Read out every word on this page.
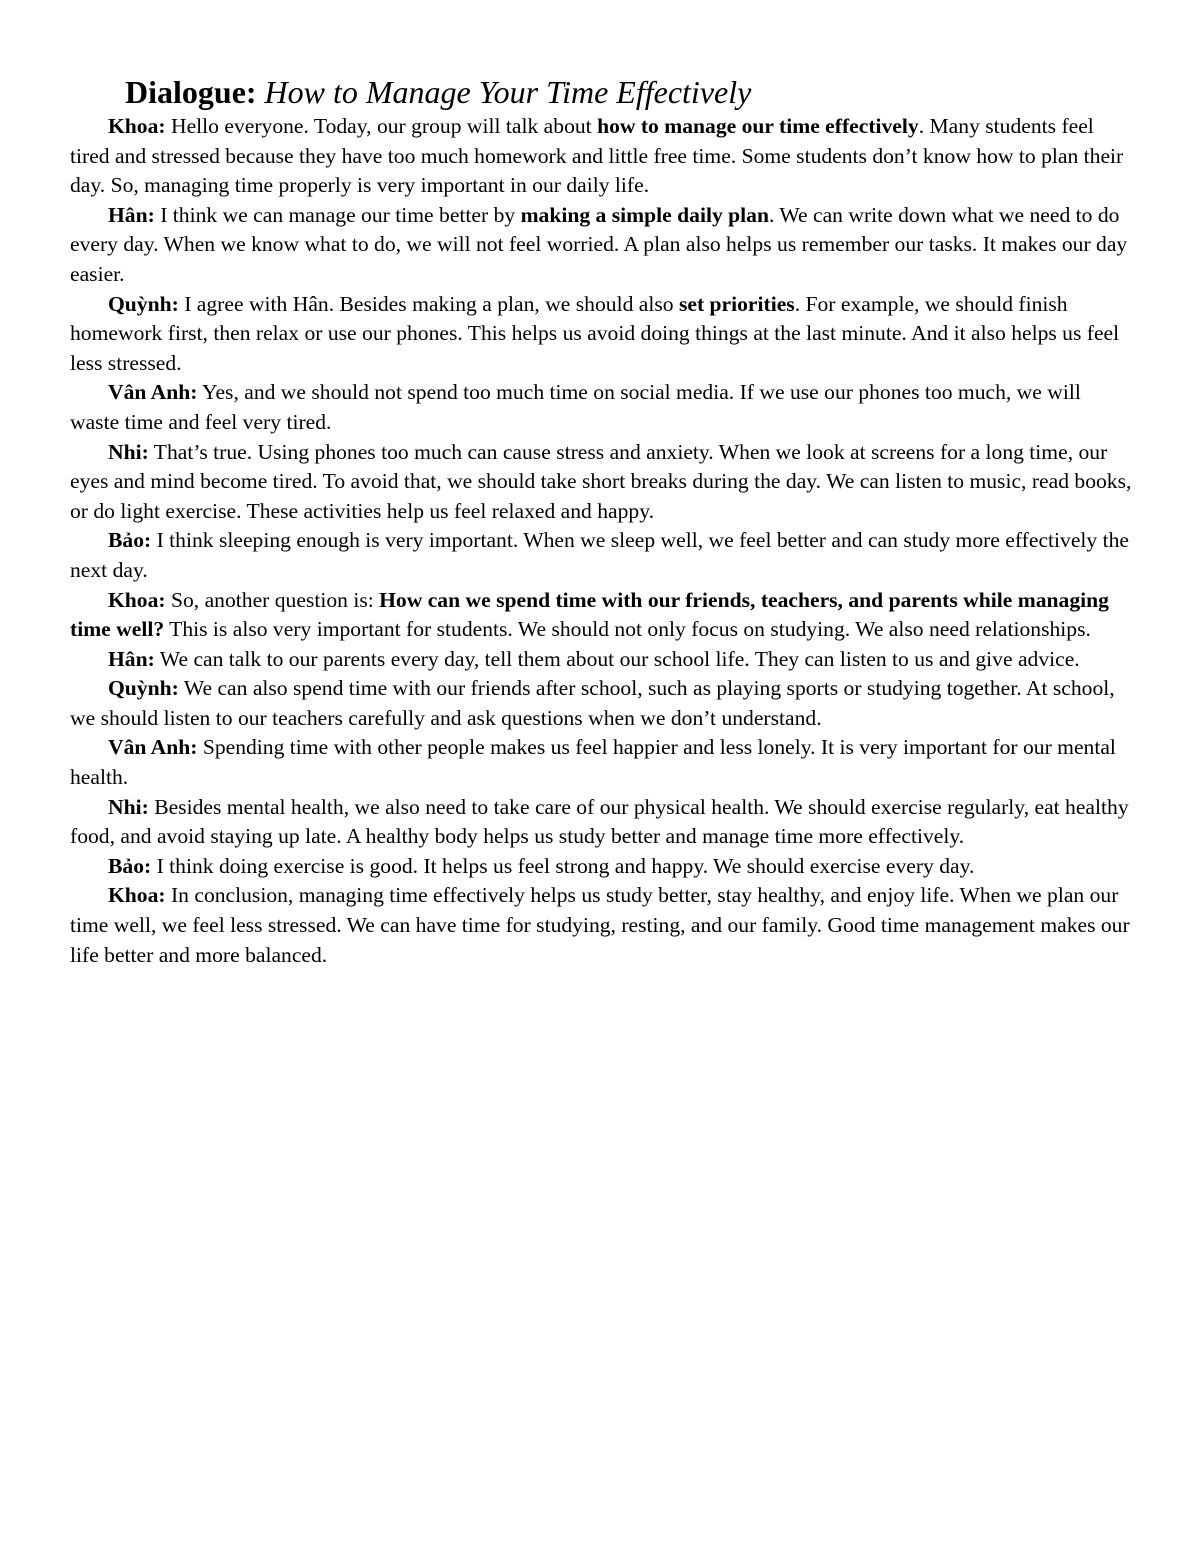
Dialogue: How to Manage Your Time Effectively

Khoa: Hello everyone. Today, our group will talk about how to manage our time effectively. Many students feel tired and stressed because they have too much homework and little free time. Some students don’t know how to plan their day. So, managing time properly is very important in our daily life.

Hân: I think we can manage our time better by making a simple daily plan. We can write down what we need to do every day. When we know what to do, we will not feel worried. A plan also helps us remember our tasks. It makes our day easier.

Quỳnh: I agree with Hân. Besides making a plan, we should also set priorities. For example, we should finish homework first, then relax or use our phones. This helps us avoid doing things at the last minute. And it also helps us feel less stressed.

Vân Anh: Yes, and we should not spend too much time on social media. If we use our phones too much, we will waste time and feel very tired.

Nhi: That’s true. Using phones too much can cause stress and anxiety. When we look at screens for a long time, our eyes and mind become tired. To avoid that, we should take short breaks during the day. We can listen to music, read books, or do light exercise. These activities help us feel relaxed and happy.

Bảo: I think sleeping enough is very important. When we sleep well, we feel better and can study more effectively the next day.

Khoa: So, another question is: How can we spend time with our friends, teachers, and parents while managing time well? This is also very important for students. We should not only focus on studying. We also need relationships.

Hân: We can talk to our parents every day, tell them about our school life. They can listen to us and give advice.

Quỳnh: We can also spend time with our friends after school, such as playing sports or studying together. At school, we should listen to our teachers carefully and ask questions when we don’t understand.

Vân Anh: Spending time with other people makes us feel happier and less lonely. It is very important for our mental health.

Nhi: Besides mental health, we also need to take care of our physical health. We should exercise regularly, eat healthy food, and avoid staying up late. A healthy body helps us study better and manage time more effectively.

Bảo: I think doing exercise is good. It helps us feel strong and happy. We should exercise every day.

Khoa: In conclusion, managing time effectively helps us study better, stay healthy, and enjoy life. When we plan our time well, we feel less stressed. We can have time for studying, resting, and our family. Good time management makes our life better and more balanced.
